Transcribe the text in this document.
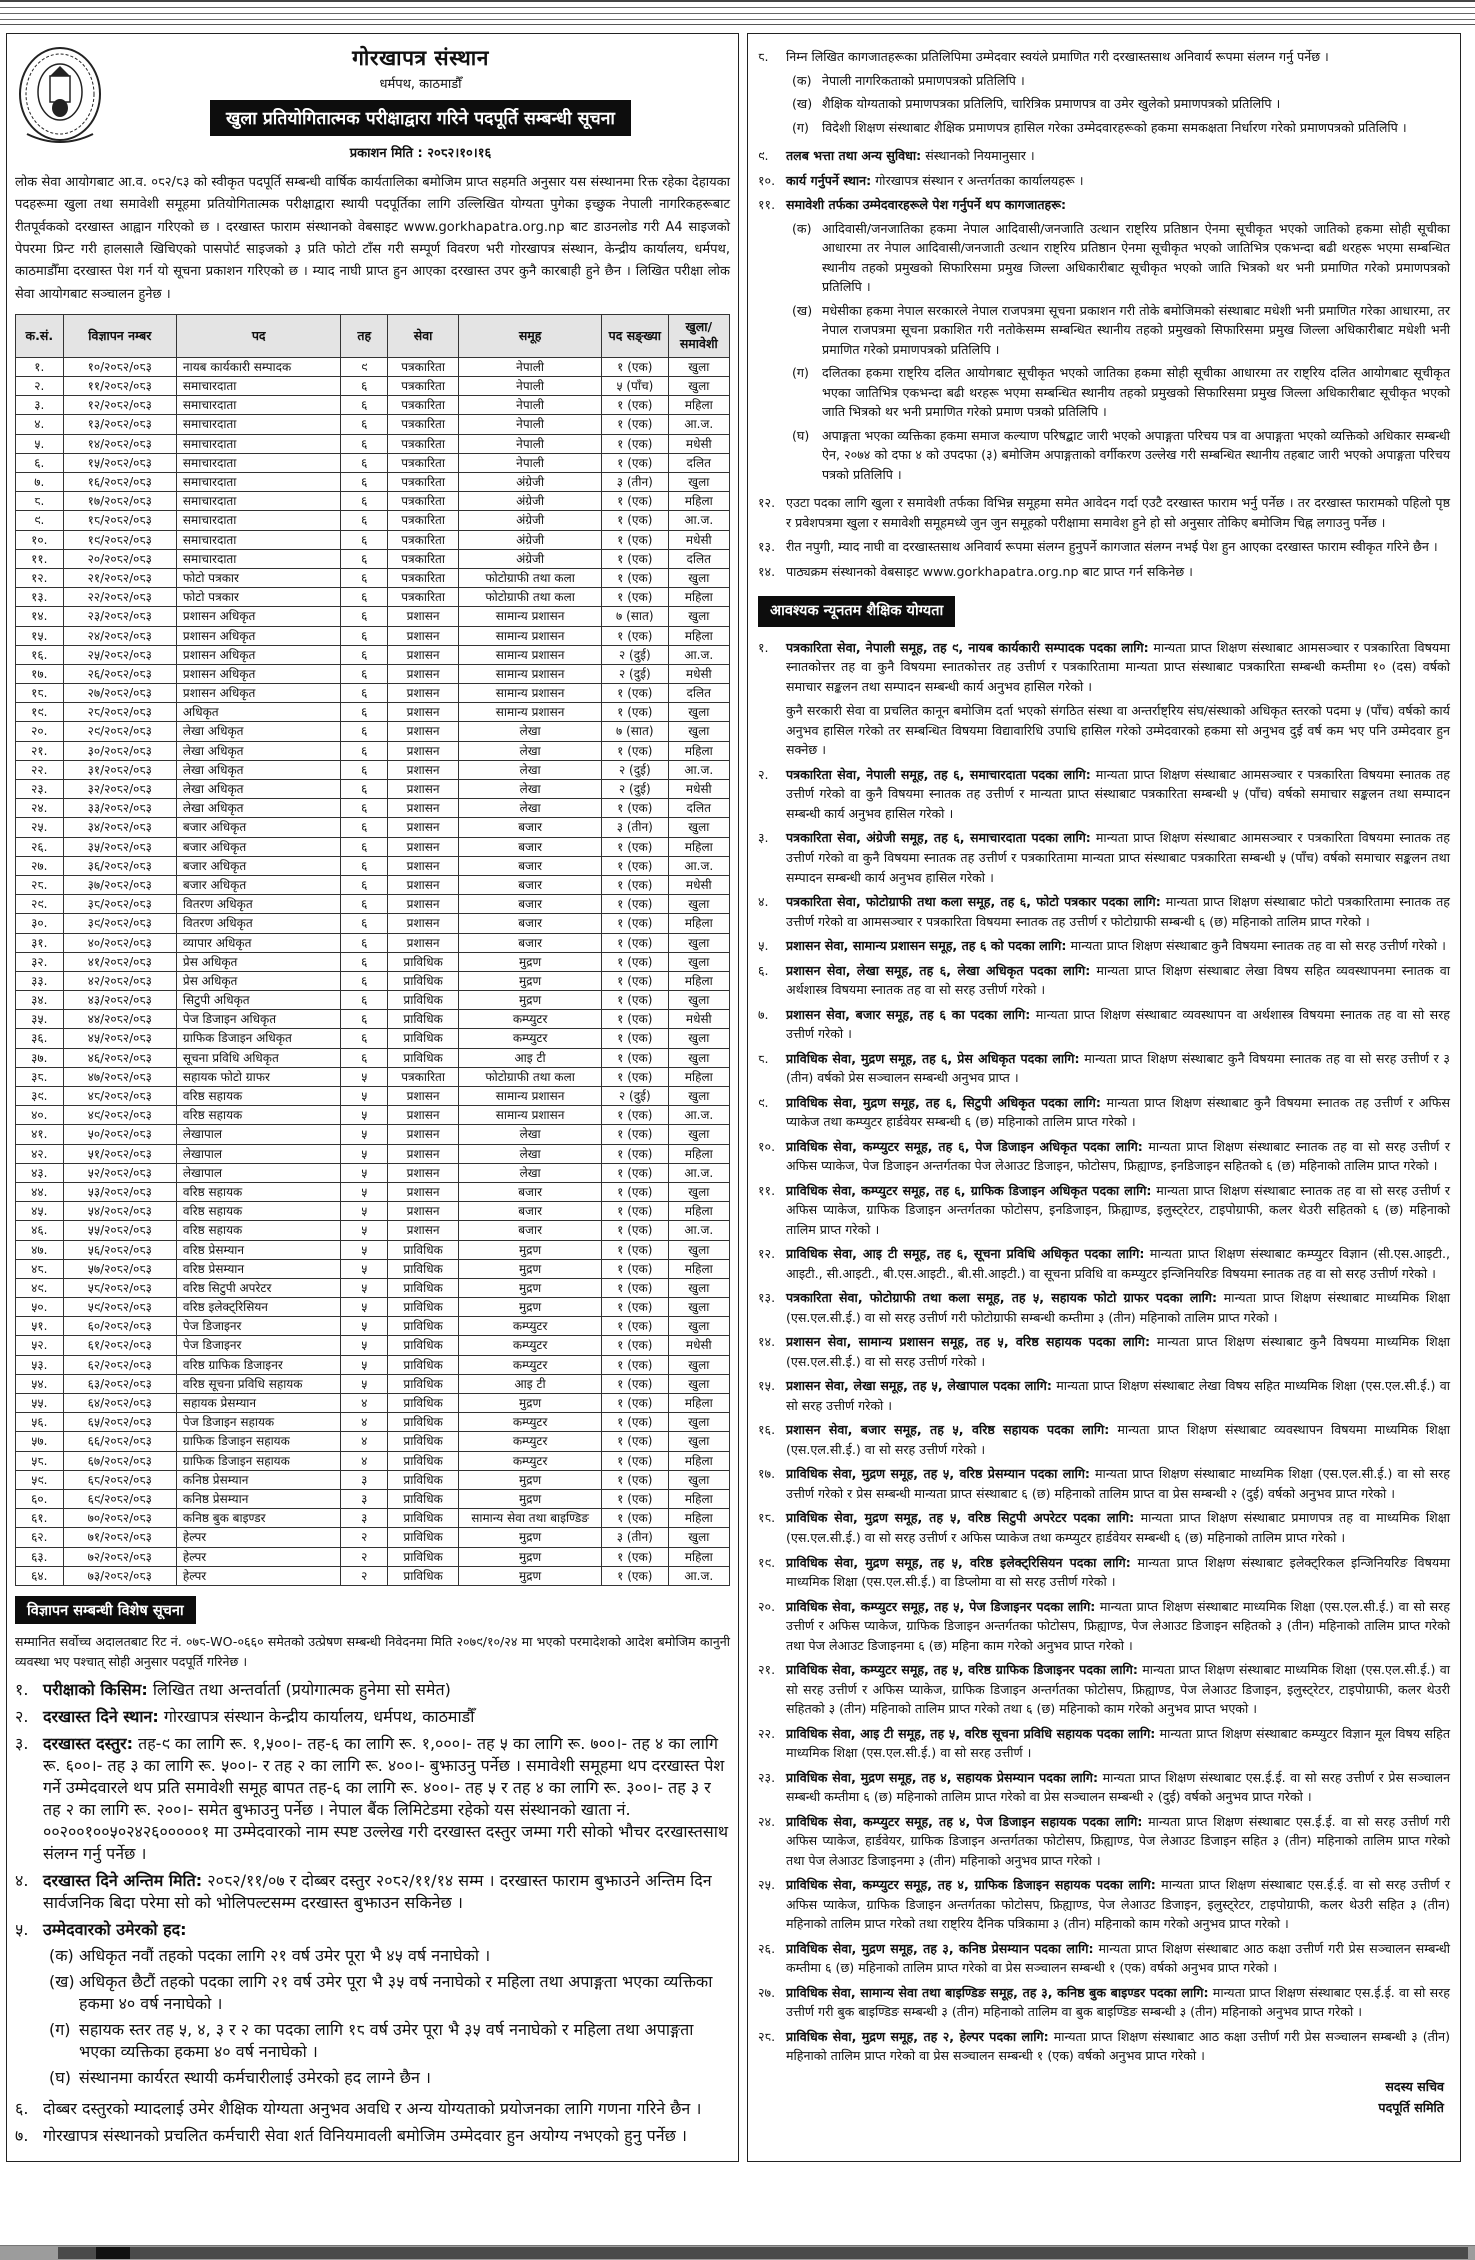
गोरखापत्र संस्थान
धर्मपथ, काठमाडौँ
खुला प्रतियोगितात्मक परीक्षाद्वारा गरिने पदपूर्ति सम्बन्धी सूचना
प्रकाशन मिति : २०८२।१०।१६

लोक सेवा आयोगबाट आ.व. ०८२/८३ को स्वीकृत पदपूर्ति सम्बन्धी वार्षिक कार्यतालिका बमोजिम प्राप्त सहमति अनुसार यस संस्थानमा रिक्त रहेका देहायका पदहरूमा खुला तथा समावेशी समूहमा प्रतियोगितात्मक परीक्षाद्वारा स्थायी पदपूर्तिका लागि उल्लिखित योग्यता पुगेका इच्छुक नेपाली नागरिकहरूबाट रीतपूर्वकको दरखास्त आह्वान गरिएको छ । दरखास्त फाराम संस्थानको वेबसाइट www.gorkhapatra.org.np बाट डाउनलोड गरी A4 साइजको पेपरमा प्रिन्ट गरी हालसालै खिचिएको पासपोर्ट साइजको ३ प्रति फोटो टाँस गरी सम्पूर्ण विवरण भरी गोरखापत्र संस्थान, केन्द्रीय कार्यालय, धर्मपथ, काठमाडौँमा दरखास्त पेश गर्न यो सूचना प्रकाशन गरिएको छ । म्याद नाघी प्राप्त हुन आएका दरखास्त उपर कुनै कारबाही हुने छैन । लिखित परीक्षा लोक सेवा आयोगबाट सञ्चालन हुनेछ ।

क.सं.	विज्ञापन नम्बर	पद	तह	सेवा	समूह	पद सङ्ख्या	खुला/ समावेशी
१.	१०/२०८२/०८३	नायब कार्यकारी सम्पादक	९	पत्रकारिता	नेपाली	१ (एक)	खुला
२.	११/२०८२/०८३	समाचारदाता	६	पत्रकारिता	नेपाली	५ (पाँच)	खुला
३.	१२/२०८२/०८३	समाचारदाता	६	पत्रकारिता	नेपाली	१ (एक)	महिला
४.	१३/२०८२/०८३	समाचारदाता	६	पत्रकारिता	नेपाली	१ (एक)	आ.ज.
५.	१४/२०८२/०८३	समाचारदाता	६	पत्रकारिता	नेपाली	१ (एक)	मधेसी
६.	१५/२०८२/०८३	समाचारदाता	६	पत्रकारिता	नेपाली	१ (एक)	दलित
७.	१६/२०८२/०८३	समाचारदाता	६	पत्रकारिता	अंग्रेजी	३ (तीन)	खुला
८.	१७/२०८२/०८३	समाचारदाता	६	पत्रकारिता	अंग्रेजी	१ (एक)	महिला
९.	१८/२०८२/०८३	समाचारदाता	६	पत्रकारिता	अंग्रेजी	१ (एक)	आ.ज.
१०.	१९/२०८२/०८३	समाचारदाता	६	पत्रकारिता	अंग्रेजी	१ (एक)	मधेसी
११.	२०/२०८२/०८३	समाचारदाता	६	पत्रकारिता	अंग्रेजी	१ (एक)	दलित
१२.	२१/२०८२/०८३	फोटो पत्रकार	६	पत्रकारिता	फोटोग्राफी तथा कला	१ (एक)	खुला
१३.	२२/२०८२/०८३	फोटो पत्रकार	६	पत्रकारिता	फोटोग्राफी तथा कला	१ (एक)	महिला
१४.	२३/२०८२/०८३	प्रशासन अधिकृत	६	प्रशासन	सामान्य प्रशासन	७ (सात)	खुला
१५.	२४/२०८२/०८३	प्रशासन अधिकृत	६	प्रशासन	सामान्य प्रशासन	१ (एक)	महिला
१६.	२५/२०८२/०८३	प्रशासन अधिकृत	६	प्रशासन	सामान्य प्रशासन	२ (दुई)	आ.ज.
१७.	२६/२०८२/०८३	प्रशासन अधिकृत	६	प्रशासन	सामान्य प्रशासन	२ (दुई)	मधेसी
१८.	२७/२०८२/०८३	प्रशासन अधिकृत	६	प्रशासन	सामान्य प्रशासन	१ (एक)	दलित
१९.	२८/२०८२/०८३	अधिकृत	६	प्रशासन	सामान्य प्रशासन	१ (एक)	खुला
२०.	२९/२०८२/०८३	लेखा अधिकृत	६	प्रशासन	लेखा	७ (सात)	खुला
२१.	३०/२०८२/०८३	लेखा अधिकृत	६	प्रशासन	लेखा	१ (एक)	महिला
२२.	३१/२०८२/०८३	लेखा अधिकृत	६	प्रशासन	लेखा	२ (दुई)	आ.ज.
२३.	३२/२०८२/०८३	लेखा अधिकृत	६	प्रशासन	लेखा	२ (दुई)	मधेसी
२४.	३३/२०८२/०८३	लेखा अधिकृत	६	प्रशासन	लेखा	१ (एक)	दलित
२५.	३४/२०८२/०८३	बजार अधिकृत	६	प्रशासन	बजार	३ (तीन)	खुला
२६.	३५/२०८२/०८३	बजार अधिकृत	६	प्रशासन	बजार	१ (एक)	महिला
२७.	३६/२०८२/०८३	बजार अधिकृत	६	प्रशासन	बजार	१ (एक)	आ.ज.
२८.	३७/२०८२/०८३	बजार अधिकृत	६	प्रशासन	बजार	१ (एक)	मधेसी
२९.	३८/२०८२/०८३	वितरण अधिकृत	६	प्रशासन	बजार	१ (एक)	खुला
३०.	३९/२०८२/०८३	वितरण अधिकृत	६	प्रशासन	बजार	१ (एक)	महिला
३१.	४०/२०८२/०८३	व्यापार अधिकृत	६	प्रशासन	बजार	१ (एक)	खुला
३२.	४१/२०८२/०८३	प्रेस अधिकृत	६	प्राविधिक	मुद्रण	१ (एक)	खुला
३३.	४२/२०८२/०८३	प्रेस अधिकृत	६	प्राविधिक	मुद्रण	१ (एक)	महिला
३४.	४३/२०८२/०८३	सिटुपी अधिकृत	६	प्राविधिक	मुद्रण	१ (एक)	खुला
३५.	४४/२०८२/०८३	पेज डिजाइन अधिकृत	६	प्राविधिक	कम्प्युटर	१ (एक)	मधेसी
३६.	४५/२०८२/०८३	ग्राफिक डिजाइन अधिकृत	६	प्राविधिक	कम्प्युटर	१ (एक)	खुला
३७.	४६/२०८२/०८३	सूचना प्रविधि अधिकृत	६	प्राविधिक	आइ टी	१ (एक)	खुला
३८.	४७/२०८२/०८३	सहायक फोटो ग्राफर	५	पत्रकारिता	फोटोग्राफी तथा कला	१ (एक)	महिला
३९.	४८/२०८२/०८३	वरिष्ठ सहायक	५	प्रशासन	सामान्य प्रशासन	२ (दुई)	खुला
४०.	४९/२०८२/०८३	वरिष्ठ सहायक	५	प्रशासन	सामान्य प्रशासन	१ (एक)	आ.ज.
४१.	५०/२०८२/०८३	लेखापाल	५	प्रशासन	लेखा	१ (एक)	खुला
४२.	५१/२०८२/०८३	लेखापाल	५	प्रशासन	लेखा	१ (एक)	महिला
४३.	५२/२०८२/०८३	लेखापाल	५	प्रशासन	लेखा	१ (एक)	आ.ज.
४४.	५३/२०८२/०८३	वरिष्ठ सहायक	५	प्रशासन	बजार	१ (एक)	खुला
४५.	५४/२०८२/०८३	वरिष्ठ सहायक	५	प्रशासन	बजार	१ (एक)	महिला
४६.	५५/२०८२/०८३	वरिष्ठ सहायक	५	प्रशासन	बजार	१ (एक)	आ.ज.
४७.	५६/२०८२/०८३	वरिष्ठ प्रेसम्यान	५	प्राविधिक	मुद्रण	१ (एक)	खुला
४८.	५७/२०८२/०८३	वरिष्ठ प्रेसम्यान	५	प्राविधिक	मुद्रण	१ (एक)	महिला
४९.	५८/२०८२/०८३	वरिष्ठ सिटुपी अपरेटर	५	प्राविधिक	मुद्रण	१ (एक)	खुला
५०.	५९/२०८२/०८३	वरिष्ठ इलेक्ट्रिसियन	५	प्राविधिक	मुद्रण	१ (एक)	खुला
५१.	६०/२०८२/०८३	पेज डिजाइनर	५	प्राविधिक	कम्प्युटर	१ (एक)	खुला
५२.	६१/२०८२/०८३	पेज डिजाइनर	५	प्राविधिक	कम्प्युटर	१ (एक)	मधेसी
५३.	६२/२०८२/०८३	वरिष्ठ ग्राफिक डिजाइनर	५	प्राविधिक	कम्प्युटर	१ (एक)	खुला
५४.	६३/२०८२/०८३	वरिष्ठ सूचना प्रविधि सहायक	५	प्राविधिक	आइ टी	१ (एक)	खुला
५५.	६४/२०८२/०८३	सहायक प्रेसम्यान	४	प्राविधिक	मुद्रण	१ (एक)	महिला
५६.	६५/२०८२/०८३	पेज डिजाइन सहायक	४	प्राविधिक	कम्प्युटर	१ (एक)	खुला
५७.	६६/२०८२/०८३	ग्राफिक डिजाइन सहायक	४	प्राविधिक	कम्प्युटर	१ (एक)	खुला
५८.	६७/२०८२/०८३	ग्राफिक डिजाइन सहायक	४	प्राविधिक	कम्प्युटर	१ (एक)	महिला
५९.	६८/२०८२/०८३	कनिष्ठ प्रेसम्यान	३	प्राविधिक	मुद्रण	१ (एक)	खुला
६०.	६९/२०८२/०८३	कनिष्ठ प्रेसम्यान	३	प्राविधिक	मुद्रण	१ (एक)	महिला
६१.	७०/२०८२/०८३	कनिष्ठ बुक बाइण्डर	३	प्राविधिक	सामान्य सेवा तथा बाइण्डिङ	१ (एक)	महिला
६२.	७१/२०८२/०८३	हेल्पर	२	प्राविधिक	मुद्रण	३ (तीन)	खुला
६३.	७२/२०८२/०८३	हेल्पर	२	प्राविधिक	मुद्रण	१ (एक)	महिला
६४.	७३/२०८२/०८३	हेल्पर	२	प्राविधिक	मुद्रण	१ (एक)	आ.ज.
विज्ञापन सम्बन्धी विशेष सूचना

सम्मानित सर्वोच्च अदालतबाट रिट नं. ०७८-WO-०६६० समेतको उत्प्रेषण सम्बन्धी निवेदनमा मिति २०७९/१०/२४ मा भएको परमादेशको आदेश बमोजिम कानुनी व्यवस्था भए पश्चात् सोही अनुसार पदपूर्ति गरिनेछ ।

१. परीक्षाको किसिम: लिखित तथा अन्तर्वार्ता (प्रयोगात्मक हुनेमा सो समेत)
२. दरखास्त दिने स्थान: गोरखापत्र संस्थान केन्द्रीय कार्यालय, धर्मपथ, काठमाडौँ
३. दरखास्त दस्तुर: तह-९ का लागि रू. १,५००।- तह-६ का लागि रू. १,०००।- तह ५ का लागि रू. ७००।- तह ४ का लागि रू. ६००।- तह ३ का लागि रू. ५००।- र तह २ का लागि रू. ४००।- बुझाउनु पर्नेछ । समावेशी समूहमा थप दरखास्त पेश गर्ने उम्मेदवारले थप प्रति समावेशी समूह बापत तह-६ का लागि रू. ४००।- तह ५ र तह ४ का लागि रू. ३००।- तह ३ र तह २ का लागि रू. २००।- समेत बुझाउनु पर्नेछ । नेपाल बैंक लिमिटेडमा रहेको यस संस्थानको खाता नं. ००२००१००५०२४२६०००००१ मा उम्मेदवारको नाम स्पष्ट उल्लेख गरी दरखास्त दस्तुर जम्मा गरी सोको भौचर दरखास्तसाथ संलग्न गर्नु पर्नेछ ।
४. दरखास्त दिने अन्तिम मिति: २०८२/११/०७ र दोब्बर दस्तुर २०८२/११/१४ सम्म । दरखास्त फाराम बुझाउने अन्तिम दिन सार्वजनिक बिदा परेमा सो को भोलिपल्टसम्म दरखास्त बुझाउन सकिनेछ ।
५. उम्मेदवारको उमेरको हद:
(क) अधिकृत नवौं तहको पदका लागि २१ वर्ष उमेर पूरा भै ४५ वर्ष ननाघेको ।
(ख) अधिकृत छैटौं तहको पदका लागि २१ वर्ष उमेर पूरा भै ३५ वर्ष ननाघेको र महिला तथा अपाङ्गता भएका व्यक्तिका हकमा ४० वर्ष ननाघेको ।
(ग) सहायक स्तर तह ५, ४, ३ र २ का पदका लागि १८ वर्ष उमेर पूरा भै ३५ वर्ष ननाघेको र महिला तथा अपाङ्गता भएका व्यक्तिका हकमा ४० वर्ष ननाघेको ।
(घ) संस्थानमा कार्यरत स्थायी कर्मचारीलाई उमेरको हद लाग्ने छैन ।
६. दोब्बर दस्तुरको म्यादलाई उमेर शैक्षिक योग्यता अनुभव अवधि र अन्य योग्यताको प्रयोजनका लागि गणना गरिने छैन ।
७. गोरखापत्र संस्थानको प्रचलित कर्मचारी सेवा शर्त विनियमावली बमोजिम उम्मेदवार हुन अयोग्य नभएको हुनु पर्नेछ ।
८.	निम्न लिखित कागजातहरूका प्रतिलिपिमा उम्मेदवार स्वयंले प्रमाणित गरी दरखास्तसाथ अनिवार्य रूपमा संलग्न गर्नु पर्नेछ ।
(क) नेपाली नागरिकताको प्रमाणपत्रको प्रतिलिपि ।
(ख) शैक्षिक योग्यताको प्रमाणपत्रका प्रतिलिपि, चारित्रिक प्रमाणपत्र वा उमेर खुलेको प्रमाणपत्रको प्रतिलिपि ।
(ग)	विदेशी शिक्षण संस्थाबाट शैक्षिक प्रमाणपत्र हासिल गरेका उम्मेदवारहरूको हकमा समकक्षता निर्धारण गरेको प्रमाणपत्रको प्रतिलिपि ।
९.	तलब भत्ता तथा अन्य सुविधा: संस्थानको नियमानुसार ।
१०. कार्य गर्नुपर्ने स्थान: गोरखापत्र संस्थान र अन्तर्गतका कार्यालयहरू ।
११. समावेशी तर्फका उम्मेदवारहरूले पेश गर्नुपर्ने थप कागजातहरू:
(क) आदिवासी/जनजातिका हकमा नेपाल आदिवासी/जनजाति उत्थान राष्ट्रिय प्रतिष्ठान ऐनमा सूचीकृत भएको जातिको हकमा सोही सूचीका आधारमा तर नेपाल आदिवासी/जनजाती उत्थान राष्ट्रिय प्रतिष्ठान ऐनमा सूचीकृत भएको जातिभित्र एकभन्दा बढी थरहरू भएमा सम्बन्धित स्थानीय तहको प्रमुखको सिफारिसमा प्रमुख जिल्ला अधिकारीबाट सूचीकृत भएको जाति भित्रको थर भनी प्रमाणित गरेको प्रमाणपत्रको प्रतिलिपि ।
(ख) मधेसीका हकमा नेपाल सरकारले नेपाल राजपत्रमा सूचना प्रकाशन गरी तोके बमोजिमको संस्थाबाट मधेशी भनी प्रमाणित गरेका आधारमा, तर नेपाल राजपत्रमा सूचना प्रकाशित गरी नतोकेसम्म सम्बन्धित स्थानीय तहको प्रमुखको सिफारिसमा प्रमुख जिल्ला अधिकारीबाट मधेशी भनी प्रमाणित गरेको प्रमाणपत्रको प्रतिलिपि ।
(ग)	दलितका हकमा राष्ट्रिय दलित आयोगबाट सूचीकृत भएको जातिका हकमा सोही सूचीका आधारमा तर राष्ट्रिय दलित आयोगबाट सूचीकृत भएका जातिभित्र एकभन्दा बढी थरहरू भएमा सम्बन्धित स्थानीय तहको प्रमुखको सिफारिसमा प्रमुख जिल्ला अधिकारीबाट सूचीकृत भएको जाति भित्रको थर भनी प्रमाणित गरेको प्रमाण पत्रको प्रतिलिपि ।
(घ)	अपाङ्गता भएका व्यक्तिका हकमा समाज कल्याण परिषद्बाट जारी भएको अपाङ्गता परिचय पत्र वा अपाङ्गता भएको व्यक्तिको अधिकार सम्बन्धी ऐन, २०७४ को दफा ४ को उपदफा (३) बमोजिम अपाङ्गताको वर्गीकरण उल्लेख गरी सम्बन्धित स्थानीय तहबाट जारी भएको अपाङ्गता परिचय पत्रको प्रतिलिपि ।
१२. एउटा पदका लागि खुला र समावेशी तर्फका विभिन्न समूहमा समेत आवेदन गर्दा एउटै दरखास्त फाराम भर्नु पर्नेछ । तर दरखास्त फारामको पहिलो पृष्ठ र प्रवेशपत्रमा खुला र समावेशी समूहमध्ये जुन जुन समूहको परीक्षामा समावेश हुने हो सो अनुसार तोकिए बमोजिम चिह्न लगाउनु पर्नेछ ।
१३. रीत नपुगी, म्याद नाघी वा दरखास्तसाथ अनिवार्य रूपमा संलग्न हुनुपर्ने कागजात संलग्न नभई पेश हुन आएका दरखास्त फाराम स्वीकृत गरिने छैन ।
१४. पाठ्यक्रम संस्थानको वेबसाइट www.gorkhapatra.org.np बाट प्राप्त गर्न सकिनेछ ।
आवश्यक न्यूनतम शैक्षिक योग्यता
१.	पत्रकारिता सेवा, नेपाली समूह, तह ९, नायब कार्यकारी सम्पादक पदका लागि: मान्यता प्राप्त शिक्षण संस्थाबाट आमसञ्चार र पत्रकारिता विषयमा स्नातकोत्तर तह वा कुनै विषयमा स्नातकोत्तर तह उत्तीर्ण र पत्रकारितामा मान्यता प्राप्त संस्थाबाट पत्रकारिता सम्बन्धी कम्तीमा १० (दस) वर्षको समाचार सङ्कलन तथा सम्पादन सम्बन्धी कार्य अनुभव हासिल गरेको ।
कुनै सरकारी सेवा वा प्रचलित कानून बमोजिम दर्ता भएको संगठित संस्था वा अन्तर्राष्ट्रिय संघ/संस्थाको अधिकृत स्तरको पदमा ५ (पाँच) वर्षको कार्य अनुभव हासिल गरेको तर सम्बन्धित विषयमा विद्यावारिधि उपाधि हासिल गरेको उम्मेदवारको हकमा सो अनुभव दुई वर्ष कम भए पनि उम्मेदवार हुन सक्नेछ ।
२.	पत्रकारिता सेवा, नेपाली समूह, तह ६, समाचारदाता पदका लागि: मान्यता प्राप्त शिक्षण संस्थाबाट आमसञ्चार र पत्रकारिता विषयमा स्नातक तह उत्तीर्ण गरेको वा कुनै विषयमा स्नातक तह उत्तीर्ण र मान्यता प्राप्त संस्थाबाट पत्रकारिता सम्बन्धी ५ (पाँच) वर्षको समाचार सङ्कलन तथा सम्पादन सम्बन्धी कार्य अनुभव हासिल गरेको ।
३.	पत्रकारिता सेवा, अंग्रेजी समूह, तह ६, समाचारदाता पदका लागि: मान्यता प्राप्त शिक्षण संस्थाबाट आमसञ्चार र पत्रकारिता विषयमा स्नातक तह उत्तीर्ण गरेको वा कुनै विषयमा स्नातक तह उत्तीर्ण र पत्रकारितामा मान्यता प्राप्त संस्थाबाट पत्रकारिता सम्बन्धी ५ (पाँच) वर्षको समाचार सङ्कलन तथा सम्पादन सम्बन्धी कार्य अनुभव हासिल गरेको ।
४.	पत्रकारिता सेवा, फोटोग्राफी तथा कला समूह, तह ६, फोटो पत्रकार पदका लागि: मान्यता प्राप्त शिक्षण संस्थाबाट फोटो पत्रकारितामा स्नातक तह उत्तीर्ण गरेको वा आमसञ्चार र पत्रकारिता विषयमा स्नातक तह उत्तीर्ण र फोटोग्राफी सम्बन्धी ६ (छ) महिनाको तालिम प्राप्त गरेको ।
५.	प्रशासन सेवा, सामान्य प्रशासन समूह, तह ६ को पदका लागि: मान्यता प्राप्त शिक्षण संस्थाबाट कुनै विषयमा स्नातक तह वा सो सरह उत्तीर्ण गरेको ।
६.	प्रशासन सेवा, लेखा समूह, तह ६, लेखा अधिकृत पदका लागि: मान्यता प्राप्त शिक्षण संस्थाबाट लेखा विषय सहित व्यवस्थापनमा स्नातक वा अर्थशास्त्र विषयमा स्नातक तह वा सो सरह उत्तीर्ण गरेको ।
७.	प्रशासन सेवा, बजार समूह, तह ६ का पदका लागि: मान्यता प्राप्त शिक्षण संस्थाबाट व्यवस्थापन वा अर्थशास्त्र विषयमा स्नातक तह वा सो सरह उत्तीर्ण गरेको ।
८.	प्राविधिक सेवा, मुद्रण समूह, तह ६, प्रेस अधिकृत पदका लागि: मान्यता प्राप्त शिक्षण संस्थाबाट कुनै विषयमा स्नातक तह वा सो सरह उत्तीर्ण र ३ (तीन) वर्षको प्रेस सञ्चालन सम्बन्धी अनुभव प्राप्त ।
९.	प्राविधिक सेवा, मुद्रण समूह, तह ६, सिटुपी अधिकृत पदका लागि: मान्यता प्राप्त शिक्षण संस्थाबाट कुनै विषयमा स्नातक तह उत्तीर्ण र अफिस प्याकेज तथा कम्प्युटर हार्डवेयर सम्बन्धी ६ (छ) महिनाको तालिम प्राप्त गरेको ।
१०. प्राविधिक सेवा, कम्प्युटर समूह, तह ६, पेज डिजाइन अधिकृत पदका लागि: मान्यता प्राप्त शिक्षण संस्थाबाट स्नातक तह वा सो सरह उत्तीर्ण र अफिस प्याकेज, पेज डिजाइन अन्तर्गतका पेज लेआउट डिजाइन, फोटोसप, फ्रिह्याण्ड, इनडिजाइन सहितको ६ (छ) महिनाको तालिम प्राप्त गरेको ।
११. प्राविधिक सेवा, कम्प्युटर समूह, तह ६, ग्राफिक डिजाइन अधिकृत पदका लागि: मान्यता प्राप्त शिक्षण संस्थाबाट स्नातक तह वा सो सरह उत्तीर्ण र अफिस प्याकेज, ग्राफिक डिजाइन अन्तर्गतका फोटोसप, इनडिजाइन, फ्रिह्याण्ड, इलुस्ट्रेटर, टाइपोग्राफी, कलर थेउरी सहितको ६ (छ) महिनाको तालिम प्राप्त गरेको ।
१२. प्राविधिक सेवा, आइ टी समूह, तह ६, सूचना प्रविधि अधिकृत पदका लागि: मान्यता प्राप्त शिक्षण संस्थाबाट कम्प्युटर विज्ञान (सी.एस.आइटी., आइटी., सी.आइटी., बी.एस.आइटी., बी.सी.आइटी.) वा सूचना प्रविधि वा कम्प्युटर इन्जिनियरिङ विषयमा स्नातक तह वा सो सरह उत्तीर्ण गरेको ।
१३. पत्रकारिता सेवा, फोटोग्राफी तथा कला समूह, तह ५, सहायक फोटो ग्राफर पदका लागि: मान्यता प्राप्त शिक्षण संस्थाबाट माध्यमिक शिक्षा (एस.एल.सी.ई.) वा सो सरह उत्तीर्ण गरी फोटोग्राफी सम्बन्धी कम्तीमा ३ (तीन) महिनाको तालिम प्राप्त गरेको ।
१४. प्रशासन सेवा, सामान्य प्रशासन समूह, तह ५, वरिष्ठ सहायक पदका लागि: मान्यता प्राप्त शिक्षण संस्थाबाट कुनै विषयमा माध्यमिक शिक्षा (एस.एल.सी.ई.) वा सो सरह उत्तीर्ण गरेको ।
१५. प्रशासन सेवा, लेखा समूह, तह ५, लेखापाल पदका लागि: मान्यता प्राप्त शिक्षण संस्थाबाट लेखा विषय सहित माध्यमिक शिक्षा (एस.एल.सी.ई.) वा सो सरह उत्तीर्ण गरेको ।
१६. प्रशासन सेवा, बजार समूह, तह ५, वरिष्ठ सहायक पदका लागि: मान्यता प्राप्त शिक्षण संस्थाबाट व्यवस्थापन विषयमा माध्यमिक शिक्षा (एस.एल.सी.ई.) वा सो सरह उत्तीर्ण गरेको ।
१७. प्राविधिक सेवा, मुद्रण समूह, तह ५, वरिष्ठ प्रेसम्यान पदका लागि: मान्यता प्राप्त शिक्षण संस्थाबाट माध्यमिक शिक्षा (एस.एल.सी.ई.) वा सो सरह उत्तीर्ण गरेको र प्रेस सम्बन्धी मान्यता प्राप्त संस्थाबाट ६ (छ) महिनाको तालिम प्राप्त वा प्रेस सम्बन्धी २ (दुई) वर्षको अनुभव प्राप्त गरेको ।
१८. प्राविधिक सेवा, मुद्रण समूह, तह ५, वरिष्ठ सिटुपी अपरेटर पदका लागि: मान्यता प्राप्त शिक्षण संस्थाबाट प्रमाणपत्र तह वा माध्यमिक शिक्षा (एस.एल.सी.ई.) वा सो सरह उत्तीर्ण र अफिस प्याकेज तथा कम्प्युटर हार्डवेयर सम्बन्धी ६ (छ) महिनाको तालिम प्राप्त गरेको ।
१९. प्राविधिक सेवा, मुद्रण समूह, तह ५, वरिष्ठ इलेक्ट्रिसियन पदका लागि: मान्यता प्राप्त शिक्षण संस्थाबाट इलेक्ट्रिकल इन्जिनियरिङ विषयमा माध्यमिक शिक्षा (एस.एल.सी.ई.) वा डिप्लोमा वा सो सरह उत्तीर्ण गरेको ।
२०. प्राविधिक सेवा, कम्प्युटर समूह, तह ५, पेज डिजाइनर पदका लागि: मान्यता प्राप्त शिक्षण संस्थाबाट माध्यमिक शिक्षा (एस.एल.सी.ई.) वा सो सरह उत्तीर्ण र अफिस प्याकेज, ग्राफिक डिजाइन अन्तर्गतका फोटोसप, फ्रिह्याण्ड, पेज लेआउट डिजाइन सहितको ३ (तीन) महिनाको तालिम प्राप्त गरेको तथा पेज लेआउट डिजाइनमा ६ (छ) महिना काम गरेको अनुभव प्राप्त गरेको ।
२१. प्राविधिक सेवा, कम्प्युटर समूह, तह ५, वरिष्ठ ग्राफिक डिजाइनर पदका लागि: मान्यता प्राप्त शिक्षण संस्थाबाट माध्यमिक शिक्षा (एस.एल.सी.ई.) वा सो सरह उत्तीर्ण र अफिस प्याकेज, ग्राफिक डिजाइन अन्तर्गतका फोटोसप, फ्रिह्याण्ड, पेज लेआउट डिजाइन, इलुस्ट्रेटर, टाइपोग्राफी, कलर थेउरी सहितको ३ (तीन) महिनाको तालिम प्राप्त गरेको तथा ६ (छ) महिनाको काम गरेको अनुभव प्राप्त भएको ।
२२. प्राविधिक सेवा, आइ टी समूह, तह ५, वरिष्ठ सूचना प्रविधि सहायक पदका लागि: मान्यता प्राप्त शिक्षण संस्थाबाट कम्प्युटर विज्ञान मूल विषय सहित माध्यमिक शिक्षा (एस.एल.सी.ई.) वा सो सरह उत्तीर्ण ।
२३. प्राविधिक सेवा, मुद्रण समूह, तह ४, सहायक प्रेसम्यान पदका लागि: मान्यता प्राप्त शिक्षण संस्थाबाट एस.ई.ई. वा सो सरह उत्तीर्ण र प्रेस सञ्चालन सम्बन्धी कम्तीमा ६ (छ) महिनाको तालिम प्राप्त गरेको वा प्रेस सञ्चालन सम्बन्धी २ (दुई) वर्षको अनुभव प्राप्त गरेको ।
२४. प्राविधिक सेवा, कम्प्युटर समूह, तह ४, पेज डिजाइन सहायक पदका लागि: मान्यता प्राप्त शिक्षण संस्थाबाट एस.ई.ई. वा सो सरह उत्तीर्ण गरी अफिस प्याकेज, हार्डवेयर, ग्राफिक डिजाइन अन्तर्गतका फोटोसप, फ्रिह्याण्ड, पेज लेआउट डिजाइन सहित ३ (तीन) महिनाको तालिम प्राप्त गरेको तथा पेज लेआउट डिजाइनमा ३ (तीन) महिनाको अनुभव प्राप्त गरेको ।
२५. प्राविधिक सेवा, कम्प्युटर समूह, तह ४, ग्राफिक डिजाइन सहायक पदका लागि: मान्यता प्राप्त शिक्षण संस्थाबाट एस.ई.ई. वा सो सरह उत्तीर्ण र अफिस प्याकेज, ग्राफिक डिजाइन अन्तर्गतका फोटोसप, फ्रिह्याण्ड, पेज लेआउट डिजाइन, इलुस्ट्रेटर, टाइपोग्राफी, कलर थेउरी सहित ३ (तीन) महिनाको तालिम प्राप्त गरेको तथा राष्ट्रिय दैनिक पत्रिकामा ३ (तीन) महिनाको काम गरेको अनुभव प्राप्त गरेको ।
२६. प्राविधिक सेवा, मुद्रण समूह, तह ३, कनिष्ठ प्रेसम्यान पदका लागि: मान्यता प्राप्त शिक्षण संस्थाबाट आठ कक्षा उत्तीर्ण गरी प्रेस सञ्चालन सम्बन्धी कम्तीमा ६ (छ) महिनाको तालिम प्राप्त गरेको वा प्रेस सञ्चालन सम्बन्धी १ (एक) वर्षको अनुभव प्राप्त गरेको ।
२७. प्राविधिक सेवा, सामान्य सेवा तथा बाइण्डिङ समूह, तह ३, कनिष्ठ बुक बाइण्डर पदका लागि: मान्यता प्राप्त शिक्षण संस्थाबाट एस.ई.ई. वा सो सरह उत्तीर्ण गरी बुक बाइण्डिङ सम्बन्धी ३ (तीन) महिनाको तालिम वा बुक बाइण्डिङ सम्बन्धी ३ (तीन) महिनाको अनुभव प्राप्त गरेको ।
२८. प्राविधिक सेवा, मुद्रण समूह, तह २, हेल्पर पदका लागि: मान्यता प्राप्त शिक्षण संस्थाबाट आठ कक्षा उत्तीर्ण गरी प्रेस सञ्चालन सम्बन्धी ३ (तीन) महिनाको तालिम प्राप्त गरेको वा प्रेस सञ्चालन सम्बन्धी १ (एक) वर्षको अनुभव प्राप्त गरेको ।
सदस्य सचिव
पदपूर्ति समिति
